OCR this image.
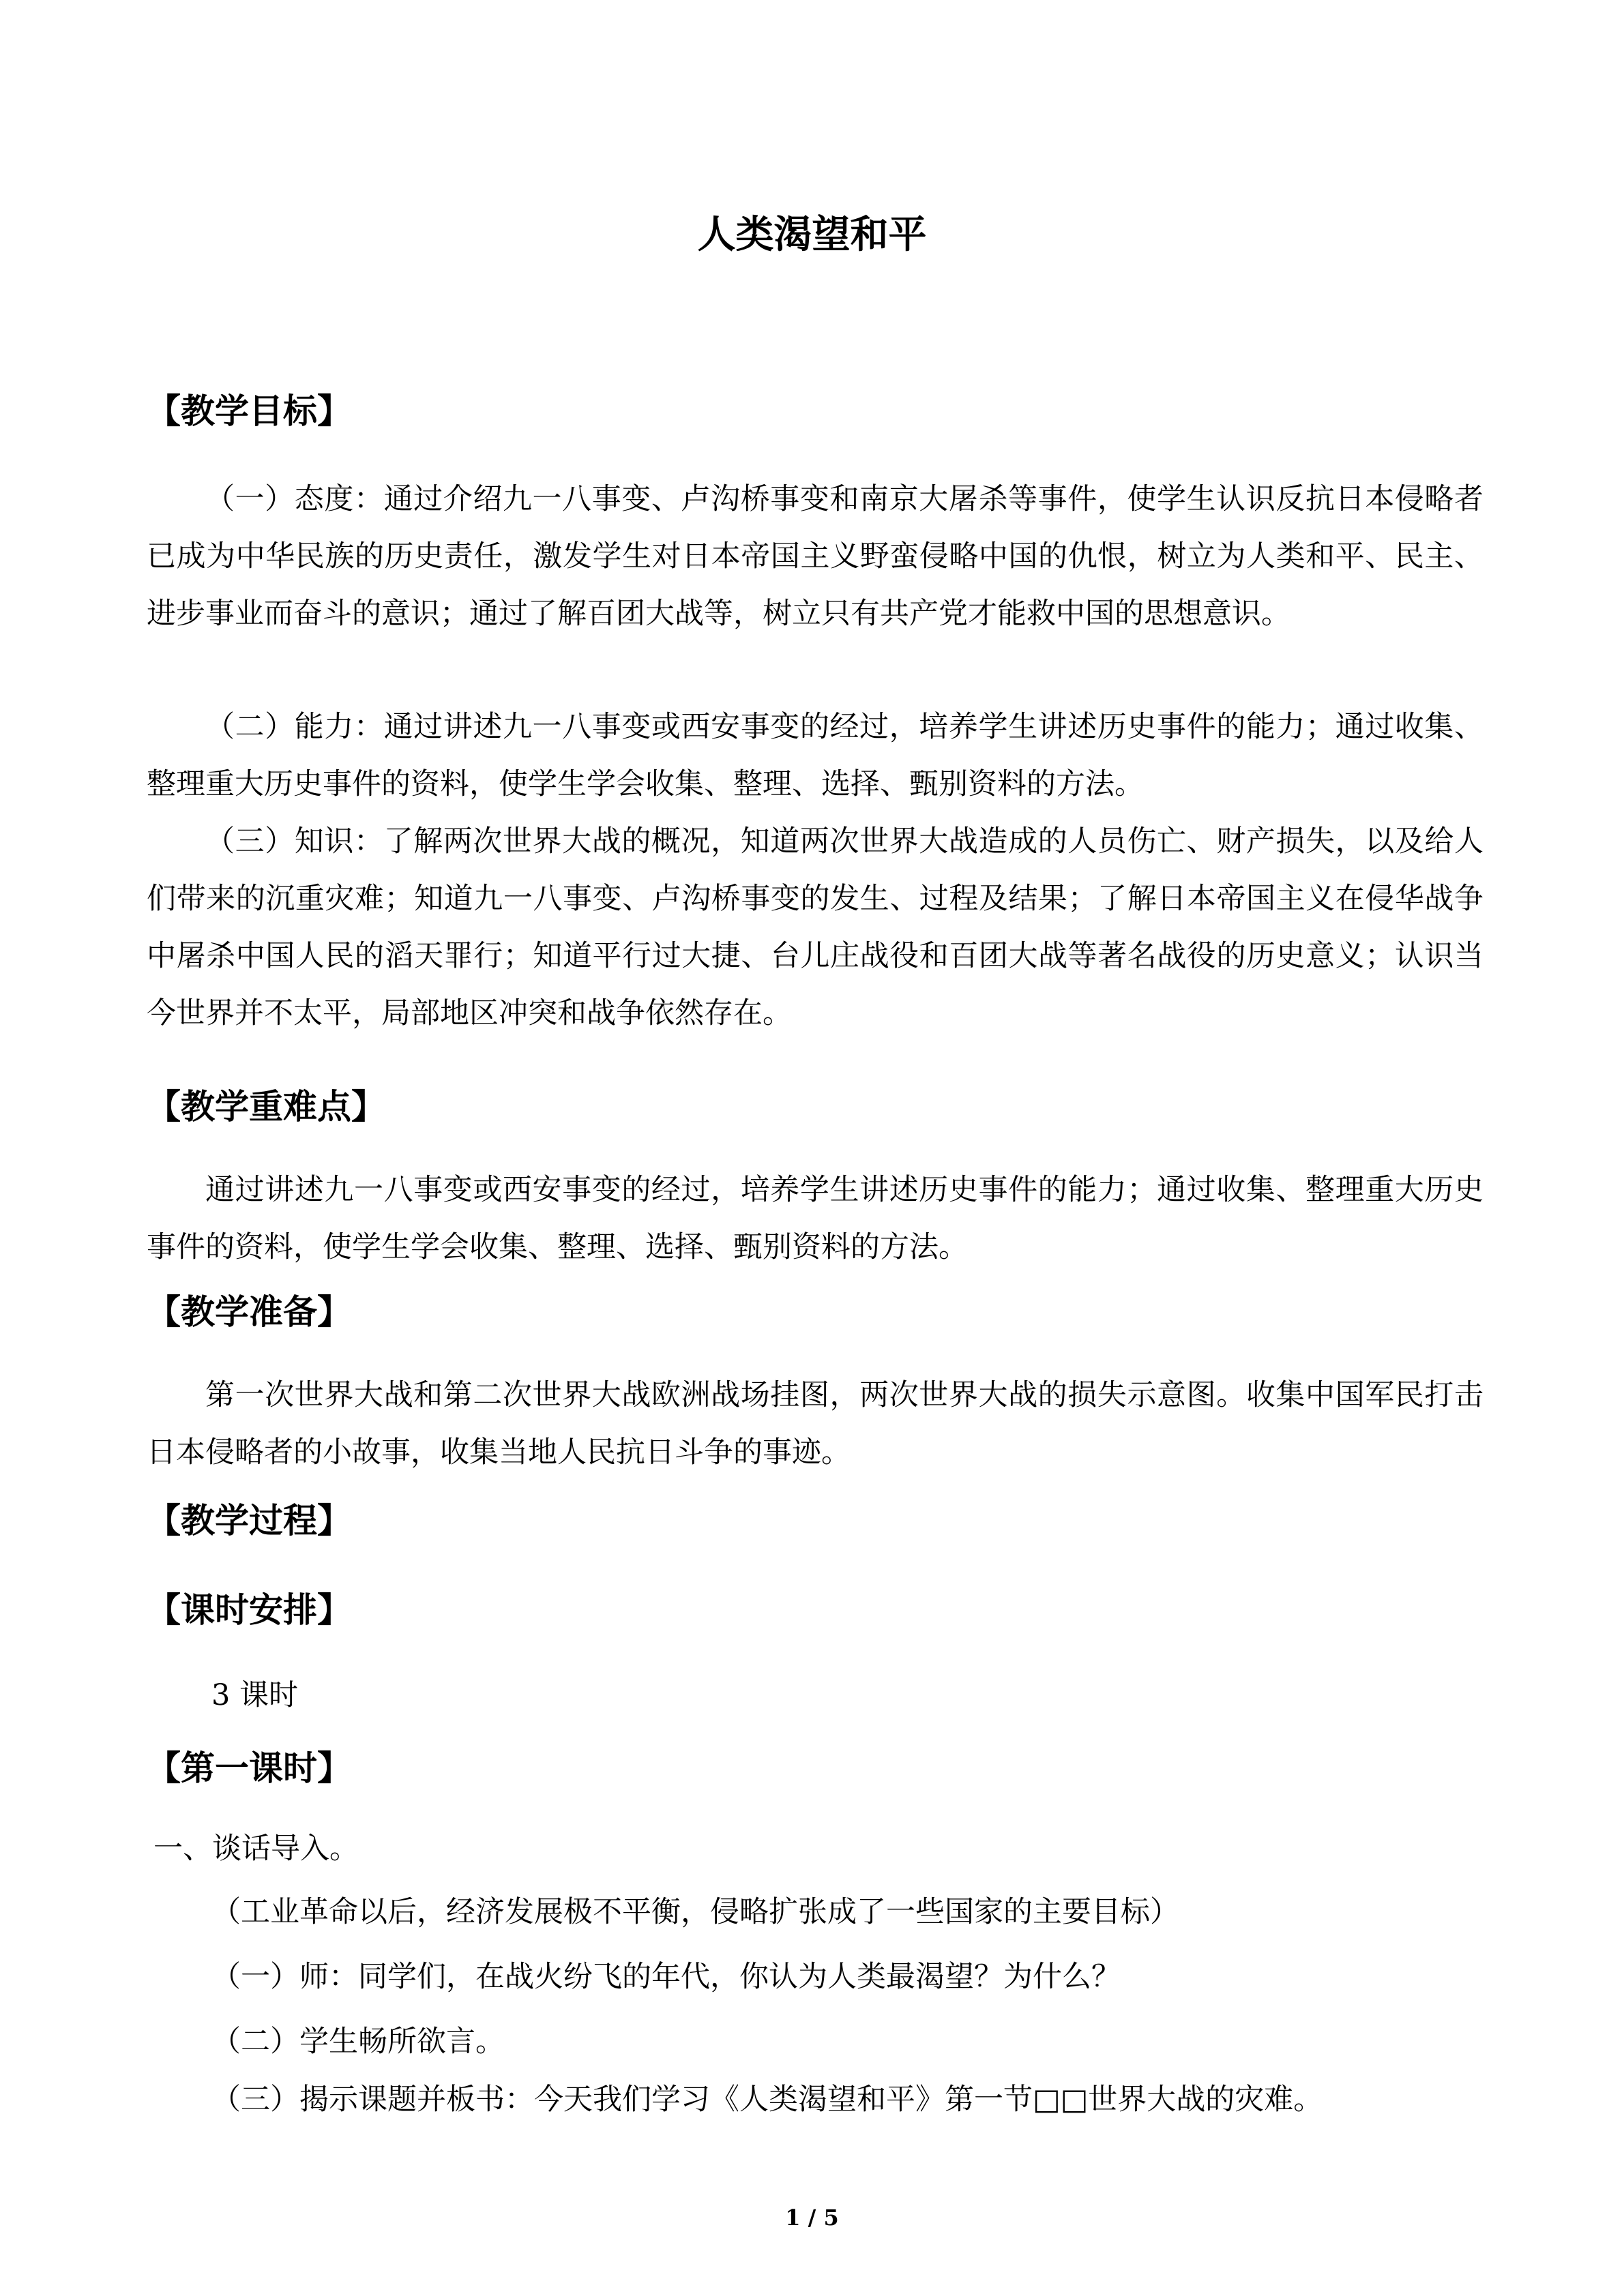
人类渴望和平
【教学目标】

（一）态度：通过介绍九一八事变、卢沟桥事变和南京大屠杀等事件，使学生认识反抗日本侵略者已成为中华民族的历史责任，激发学生对日本帝国主义野蛮侵略中国的仇恨，树立为人类和平、民主、进步事业而奋斗的意识；通过了解百团大战等，树立只有共产党才能救中国的思想意识。

（二）能力：通过讲述九一八事变或西安事变的经过，培养学生讲述历史事件的能力；通过收集、整理重大历史事件的资料，使学生学会收集、整理、选择、甄别资料的方法。

（三）知识：了解两次世界大战的概况，知道两次世界大战造成的人员伤亡、财产损失，以及给人们带来的沉重灾难；知道九一八事变、卢沟桥事变的发生、过程及结果；了解日本帝国主义在侵华战争中屠杀中国人民的滔天罪行；知道平行过大捷、台儿庄战役和百团大战等著名战役的历史意义；认识当今世界并不太平，局部地区冲突和战争依然存在。

【教学重难点】

通过讲述九一八事变或西安事变的经过，培养学生讲述历史事件的能力；通过收集、整理重大历史事件的资料，使学生学会收集、整理、选择、甄别资料的方法。

【教学准备】

第一次世界大战和第二次世界大战欧洲战场挂图，两次世界大战的损失示意图。收集中国军民打击日本侵略者的小故事，收集当地人民抗日斗争的事迹。

【教学过程】
【课时安排】

3 课时

【第一课时】

一、谈话导入。

（工业革命以后，经济发展极不平衡，侵略扩张成了一些国家的主要目标）

（一）师：同学们，在战火纷飞的年代，你认为人类最渴望？为什么？

（二）学生畅所欲言。

（三）揭示课题并板书：今天我们学习《人类渴望和平》第一节□□世界大战的灾难。

1 / 5
